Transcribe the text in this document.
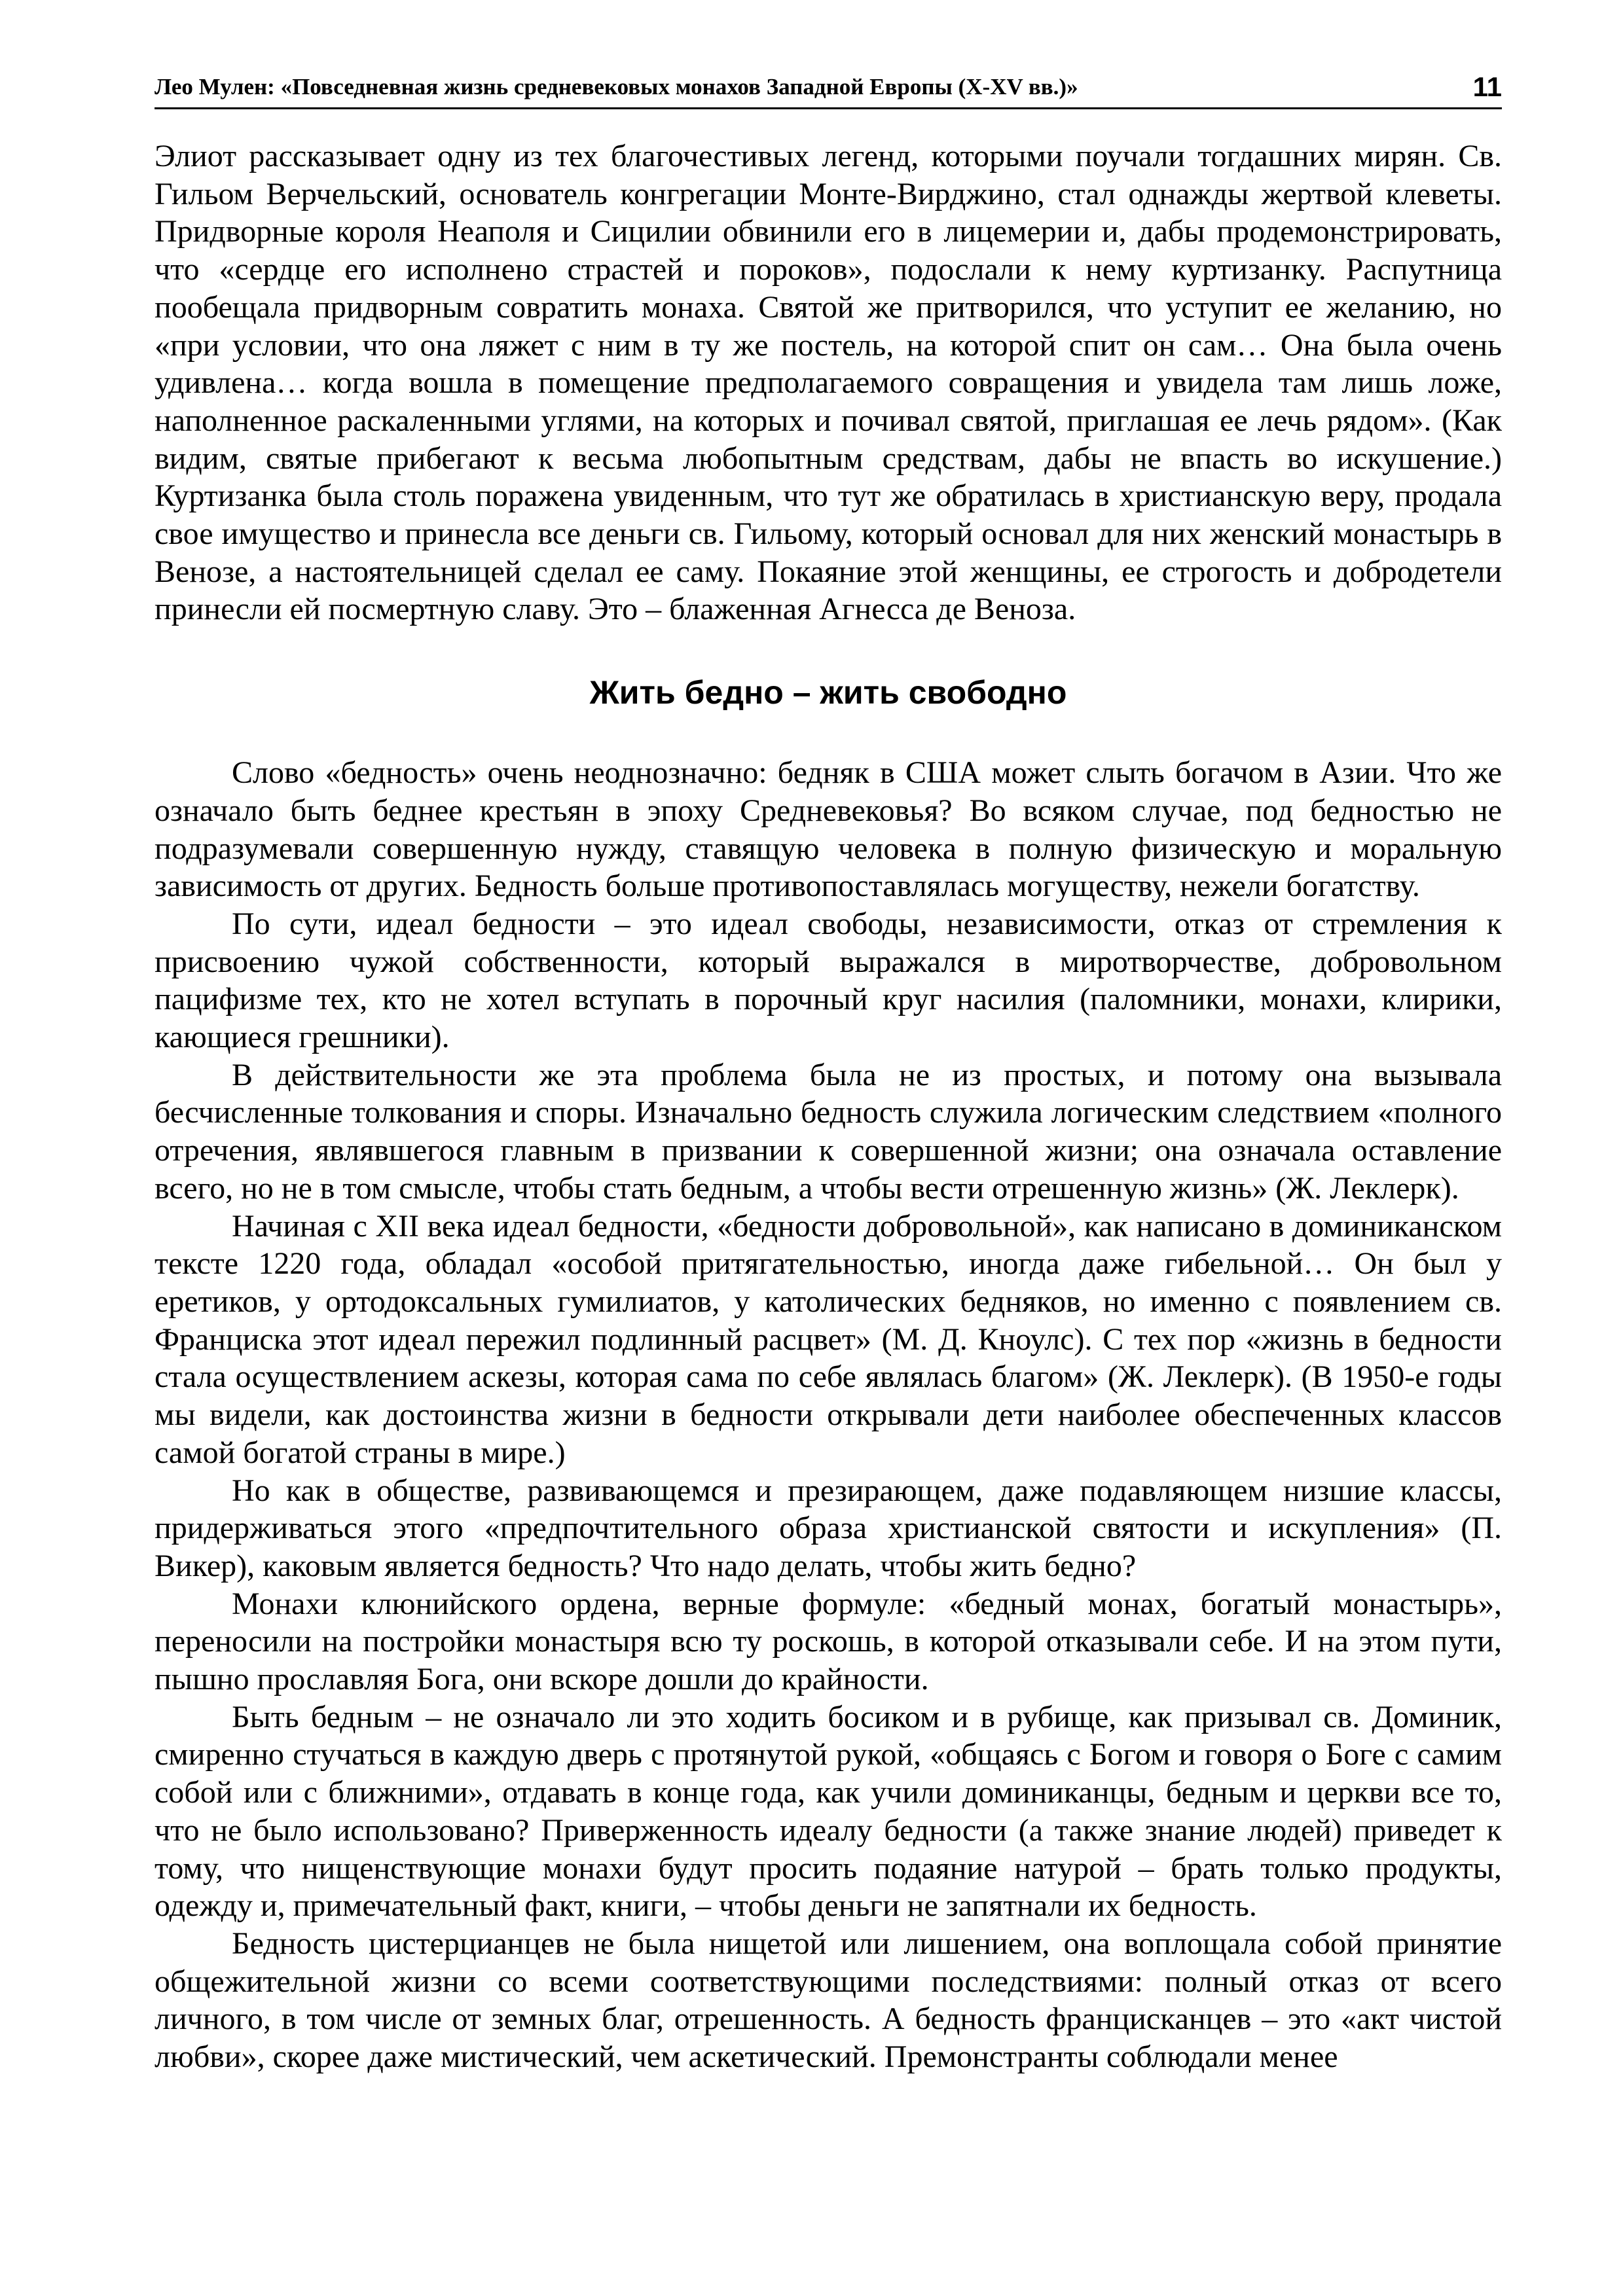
Лео Мулен: «Повседневная жизнь средневековых монахов Западной Европы (X-XV вв.)»	11

Элиот рассказывает одну из тех благочестивых легенд, которыми поучали тогдашних мирян. Св. Гильом Верчельский, основатель конгрегации Монте-Вирджино, стал однажды жертвой клеветы. Придворные короля Неаполя и Сицилии обвинили его в лицемерии и, дабы продемонстрировать, что «сердце его исполнено страстей и пороков», подослали к нему куртизанку. Распутница пообещала придворным совратить монаха. Святой же притворился, что уступит ее желанию, но «при условии, что она ляжет с ним в ту же постель, на которой спит он сам… Она была очень удивлена… когда вошла в помещение предполагаемого совращения и увидела там лишь ложе, наполненное раскаленными углями, на которых и почивал святой, приглашая ее лечь рядом». (Как видим, святые прибегают к весьма любопытным средствам, дабы не впасть во искушение.) Куртизанка была столь поражена увиденным, что тут же обратилась в христианскую веру, продала свое имущество и принесла все деньги св. Гильому, который основал для них женский монастырь в Венозе, а настоятельницей сделал ее саму. Покаяние этой женщины, ее строгость и добродетели принесли ей посмертную славу. Это – блаженная Агнесса де Веноза.

Жить бедно – жить свободно

Слово «бедность» очень неоднозначно: бедняк в США может слыть богачом в Азии. Что же означало быть беднее крестьян в эпоху Средневековья? Во всяком случае, под бедностью не подразумевали совершенную нужду, ставящую человека в полную физическую и моральную зависимость от других. Бедность больше противопоставлялась могуществу, нежели богатству.

По сути, идеал бедности – это идеал свободы, независимости, отказ от стремления к присвоению чужой собственности, который выражался в миротворчестве, добровольном пацифизме тех, кто не хотел вступать в порочный круг насилия (паломники, монахи, клирики, кающиеся грешники).

В действительности же эта проблема была не из простых, и потому она вызывала бесчисленные толкования и споры. Изначально бедность служила логическим следствием «полного отречения, являвшегося главным в призвании к совершенной жизни; она означала оставление всего, но не в том смысле, чтобы стать бедным, а чтобы вести отрешенную жизнь» (Ж. Леклерк).

Начиная с XII века идеал бедности, «бедности добровольной», как написано в доминиканском тексте 1220 года, обладал «особой притягательностью, иногда даже гибельной… Он был у еретиков, у ортодоксальных гумилиатов, у католических бедняков, но именно с появлением св. Франциска этот идеал пережил подлинный расцвет» (М. Д. Кноулс). С тех пор «жизнь в бедности стала осуществлением аскезы, которая сама по себе являлась благом» (Ж. Леклерк). (В 1950-е годы мы видели, как достоинства жизни в бедности открывали дети наиболее обеспеченных классов самой богатой страны в мире.)

Но как в обществе, развивающемся и презирающем, даже подавляющем низшие классы, придерживаться этого «предпочтительного образа христианской святости и искупления» (П. Викер), каковым является бедность? Что надо делать, чтобы жить бедно?

Монахи клюнийского ордена, верные формуле: «бедный монах, богатый монастырь», переносили на постройки монастыря всю ту роскошь, в которой отказывали себе. И на этом пути, пышно прославляя Бога, они вскоре дошли до крайности.

Быть бедным – не означало ли это ходить босиком и в рубище, как призывал св. Доминик, смиренно стучаться в каждую дверь с протянутой рукой, «общаясь с Богом и говоря о Боге с самим собой или с ближними», отдавать в конце года, как учили доминиканцы, бедным и церкви все то, что не было использовано? Приверженность идеалу бедности (а также знание людей) приведет к тому, что нищенствующие монахи будут просить подаяние натурой – брать только продукты, одежду и, примечательный факт, книги, – чтобы деньги не запятнали их бедность.

Бедность цистерцианцев не была нищетой или лишением, она воплощала собой принятие общежительной жизни со всеми соответствующими последствиями: полный отказ от всего личного, в том числе от земных благ, отрешенность. А бедность францисканцев – это «акт чистой любви», скорее даже мистический, чем аскетический. Премонстранты соблюдали менее
